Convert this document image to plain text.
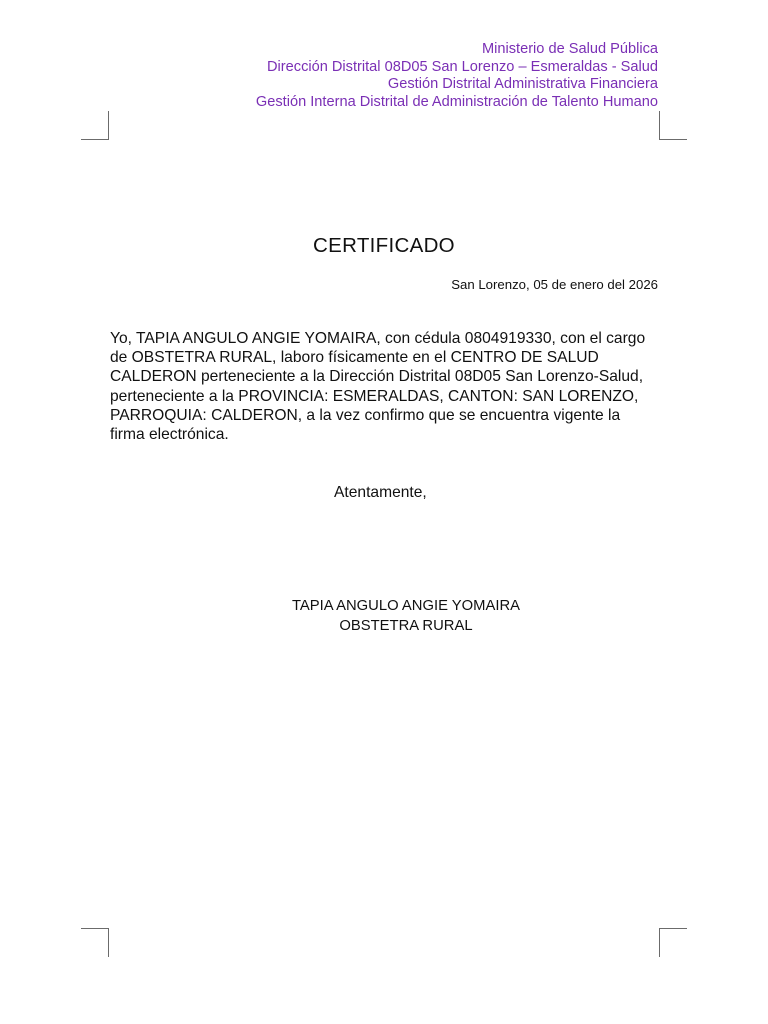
Ministerio de Salud Pública
Dirección Distrital 08D05 San Lorenzo – Esmeraldas - Salud
Gestión Distrital Administrativa Financiera
Gestión Interna Distrital de Administración de Talento Humano
CERTIFICADO
San Lorenzo, 05 de enero del 2026
Yo, TAPIA ANGULO ANGIE YOMAIRA, con cédula 0804919330, con el cargo de OBSTETRA RURAL, laboro físicamente en el CENTRO DE SALUD CALDERON perteneciente a la Dirección Distrital 08D05 San Lorenzo-Salud, perteneciente a la PROVINCIA: ESMERALDAS, CANTON: SAN LORENZO, PARROQUIA: CALDERON, a la vez confirmo que se encuentra vigente la firma electrónica.
Atentamente,
TAPIA ANGULO ANGIE YOMAIRA
OBSTETRA RURAL
